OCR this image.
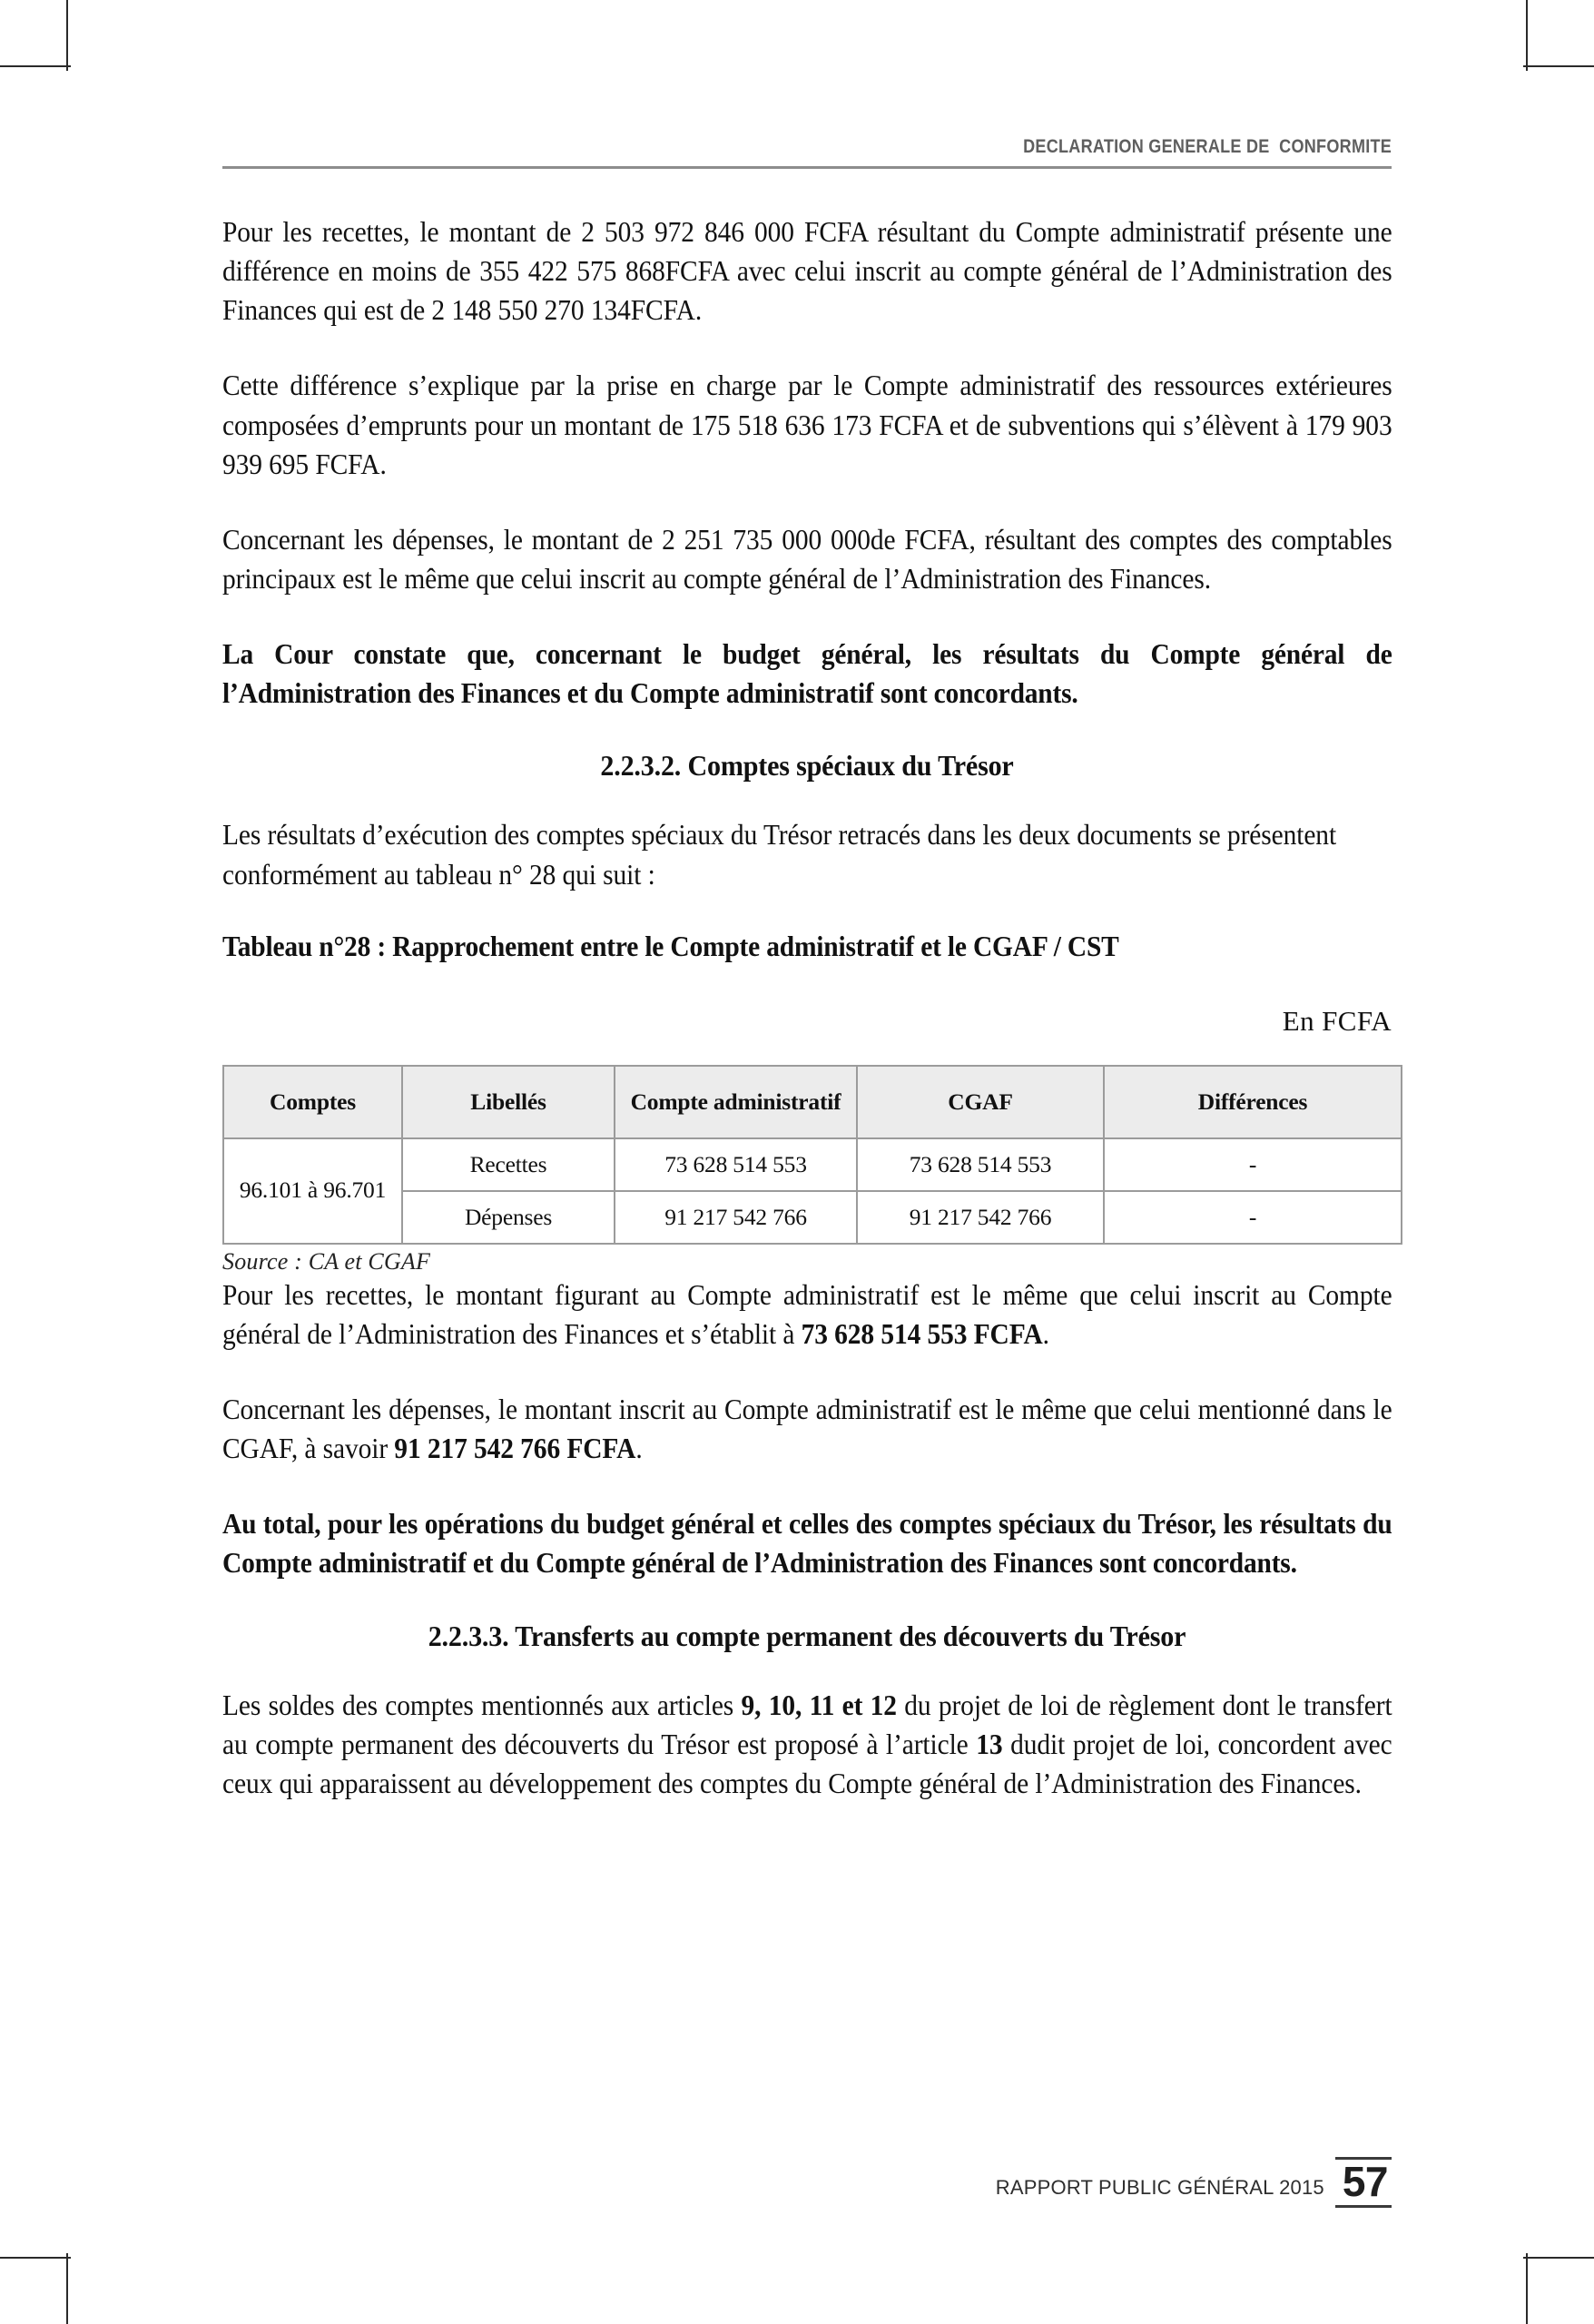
DECLARATION GENERALE DE  CONFORMITE

Pour les recettes, le montant de 2 503 972 846 000 FCFA résultant du Compte administratif présente une différence en moins de 355 422 575 868FCFA avec celui inscrit au compte général de l’Administration des Finances qui est de 2 148 550 270 134FCFA.

Cette différence s’explique par la prise en charge par le Compte administratif des ressources extérieures composées d’emprunts pour un montant de 175 518 636 173 FCFA et de subventions qui s’élèvent à 179 903 939 695 FCFA.

Concernant les dépenses, le montant de 2 251 735 000 000de FCFA, résultant des comptes des comptables principaux est le même que celui inscrit au compte général de l’Administration des Finances.

La Cour constate que, concernant le budget général, les résultats du Compte général de l’Administration des Finances et du Compte administratif sont concordants.

2.2.3.2. Comptes spéciaux du Trésor

Les résultats d’exécution des comptes spéciaux du Trésor retracés dans les deux documents se présentent conformément au tableau n° 28 qui suit :

Tableau n°28 : Rapprochement entre le Compte administratif et le CGAF / CST
En FCFA
Comptes	Libellés	Compte administratif	CGAF	Différences
96.101 à 96.701	Recettes	73 628 514 553	73 628 514 553	-
	Dépenses	91 217 542 766	91 217 542 766	-
Source : CA et CGAF

Pour les recettes, le montant figurant au Compte administratif est le même que celui inscrit au Compte général de l’Administration des Finances et s’établit à 73 628 514 553 FCFA.

Concernant les dépenses, le montant inscrit au Compte administratif est le même que celui mentionné dans le CGAF, à savoir 91 217 542 766 FCFA.

Au total, pour les opérations du budget général et celles des comptes spéciaux du Trésor, les résultats du Compte administratif et du Compte général de l’Administration des Finances sont concordants.

2.2.3.3. Transferts au compte permanent des découverts du Trésor

Les soldes des comptes mentionnés aux articles 9, 10, 11 et 12 du projet de loi de règlement dont le transfert au compte permanent des découverts du Trésor est proposé à l’article 13 dudit projet de loi, concordent avec ceux qui apparaissent au développement des comptes du Compte général de l’Administration des Finances.

RAPPORT PUBLIC GÉNÉRAL 2015 57
